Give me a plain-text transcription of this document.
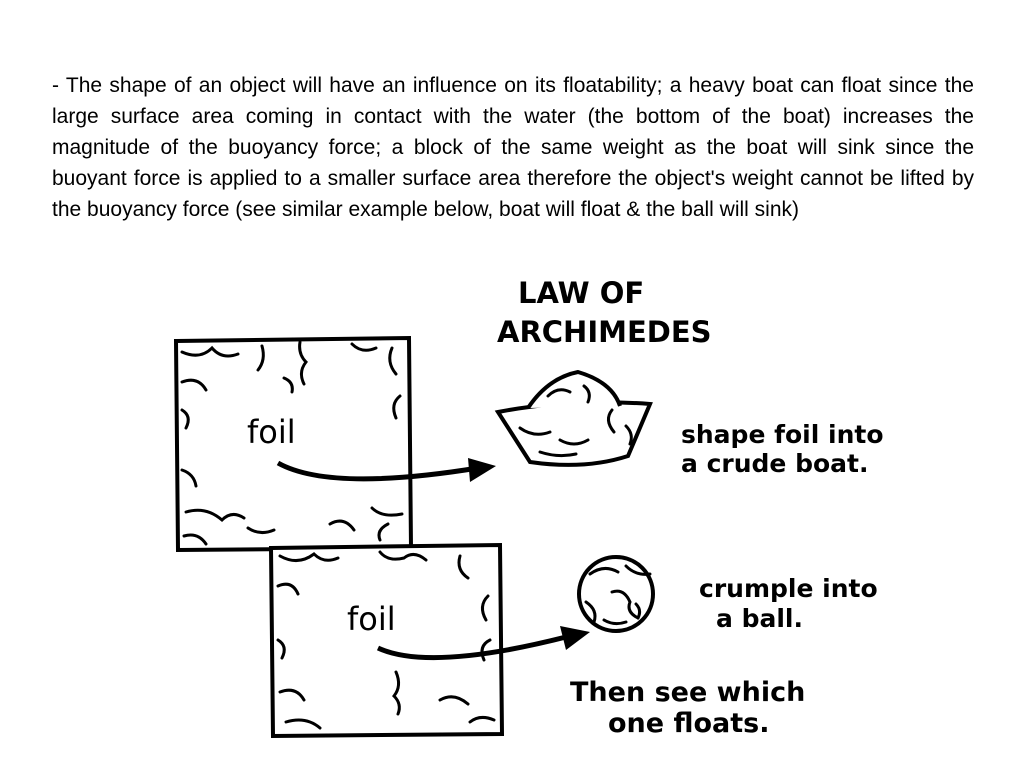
- The shape of an object will have an influence on its floatability; a heavy boat can float since the large surface area coming in contact with the water (the bottom of the boat) increases the magnitude of the buoyancy force; a block of the same weight as the boat will sink since the buoyant force is applied to a smaller surface area therefore the object's weight cannot be lifted by the buoyancy force (see similar example below, boat will float & the ball will sink)

LAW OF
ARCHIMEDES
foil
foil
shape foil into
a crude boat.
crumple into
a ball.
Then see which
one floats.
